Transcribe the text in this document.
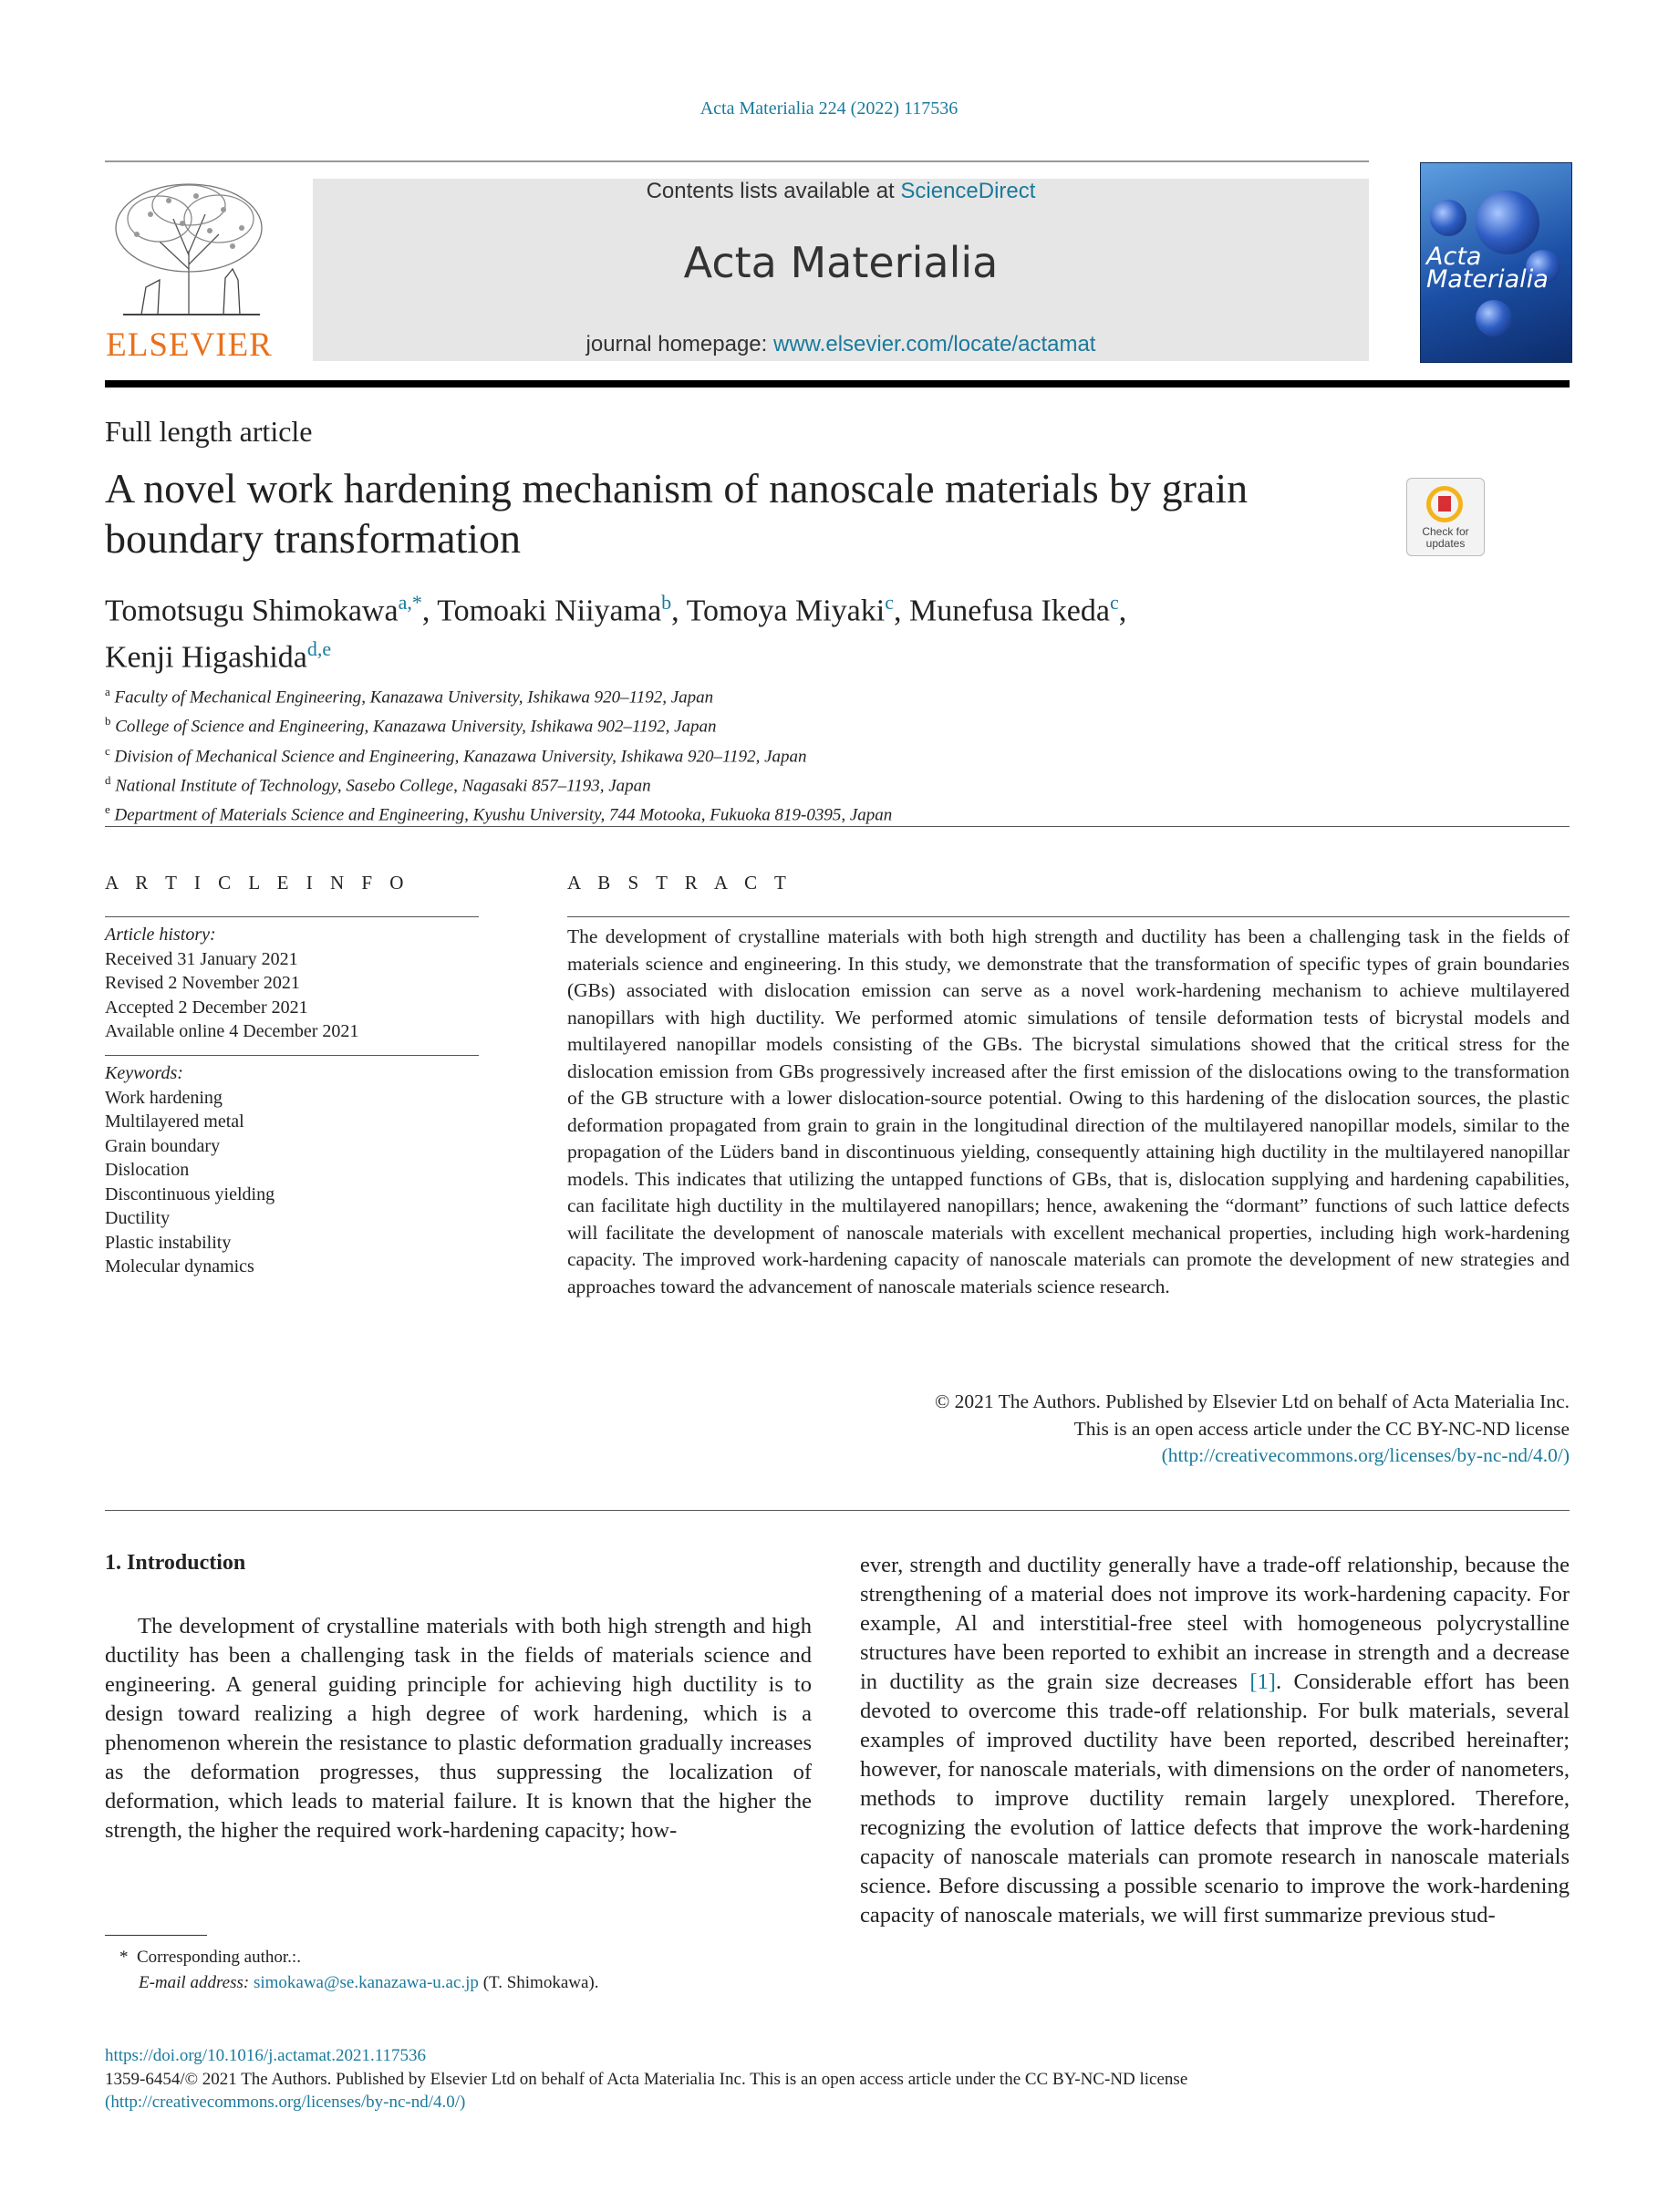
Acta Materialia 224 (2022) 117536
ELSEVIER
Contents lists available at ScienceDirect
Acta Materialia
journal homepage: www.elsevier.com/locate/actamat
Acta Materialia
Full length article
A novel work hardening mechanism of nanoscale materials by grain boundary transformation	Check for updates
Tomotsugu Shimokawa$^{a,*}$, Tomoaki Niiyama$^b$, Tomoya Miyaki$^c$, Munefusa Ikeda$^c$,
Kenji Higashida$^{d,e}$
$^a$ Faculty of Mechanical Engineering, Kanazawa University, Ishikawa 920–1192, Japan
$^b$ College of Science and Engineering, Kanazawa University, Ishikawa 902–1192, Japan
$^c$ Division of Mechanical Science and Engineering, Kanazawa University, Ishikawa 920–1192, Japan
$^d$ National Institute of Technology, Sasebo College, Nagasaki 857–1193, Japan
$^e$ Department of Materials Science and Engineering, Kyushu University, 744 Motooka, Fukuoka 819-0395, Japan
A R T I C L E I N F O	A B S T R A C T
Article history:
Received 31 January 2021
Revised 2 November 2021
Accepted 2 December 2021
Available online 4 December 2021
Keywords:
Work hardening
Multilayered metal
Grain boundary
Dislocation
Discontinuous yielding
Ductility
Plastic instability
Molecular dynamics
The development of crystalline materials with both high strength and ductility has been a challenging task in the fields of materials science and engineering. In this study, we demonstrate that the transformation of specific types of grain boundaries (GBs) associated with dislocation emission can serve as a novel work-hardening mechanism to achieve multilayered nanopillars with high ductility. We performed atomic simulations of tensile deformation tests of bicrystal models and multilayered nanopillar models consisting of the GBs. The bicrystal simulations showed that the critical stress for the dislocation emission from GBs progressively increased after the first emission of the dislocations owing to the transformation of the GB structure with a lower dislocation-source potential. Owing to this hardening of the dislocation sources, the plastic deformation propagated from grain to grain in the longitudinal direction of the multilayered nanopillar models, similar to the propagation of the Lüders band in discontinuous yielding, consequently attaining high ductility in the multilayered nanopillar models. This indicates that utilizing the untapped functions of GBs, that is, dislocation supplying and hardening capabilities, can facilitate high ductility in the multilayered nanopillars; hence, awakening the “dormant” functions of such lattice defects will facilitate the development of nanoscale materials with excellent mechanical properties, including high work-hardening capacity. The improved work-hardening capacity of nanoscale materials can promote the development of new strategies and approaches toward the advancement of nanoscale materials science research.
© 2021 The Authors. Published by Elsevier Ltd on behalf of Acta Materialia Inc.
This is an open access article under the CC BY-NC-ND license
(http://creativecommons.org/licenses/by-nc-nd/4.0/)
1. Introduction
The development of crystalline materials with both high strength and high ductility has been a challenging task in the fields of materials science and engineering. A general guiding principle for achieving high ductility is to design toward realizing a high degree of work hardening, which is a phenomenon wherein the resistance to plastic deformation gradually increases as the deformation progresses, thus suppressing the localization of deformation, which leads to material failure. It is known that the higher the strength, the higher the required work-hardening capacity; how-
ever, strength and ductility generally have a trade-off relationship, because the strengthening of a material does not improve its work-hardening capacity. For example, Al and interstitial-free steel with homogeneous polycrystalline structures have been reported to exhibit an increase in strength and a decrease in ductility as the grain size decreases [1]. Considerable effort has been devoted to overcome this trade-off relationship. For bulk materials, several examples of improved ductility have been reported, described hereinafter; however, for nanoscale materials, with dimensions on the order of nanometers, methods to improve ductility remain largely unexplored. Therefore, recognizing the evolution of lattice defects that improve the work-hardening capacity of nanoscale materials can promote research in nanoscale materials science. Before discussing a possible scenario to improve the work-hardening capacity of nanoscale materials, we will first summarize previous stud-
* Corresponding author.:.
E-mail address: simokawa@se.kanazawa-u.ac.jp (T. Shimokawa).
https://doi.org/10.1016/j.actamat.2021.117536
1359-6454/© 2021 The Authors. Published by Elsevier Ltd on behalf of Acta Materialia Inc. This is an open access article under the CC BY-NC-ND license
(http://creativecommons.org/licenses/by-nc-nd/4.0/)
